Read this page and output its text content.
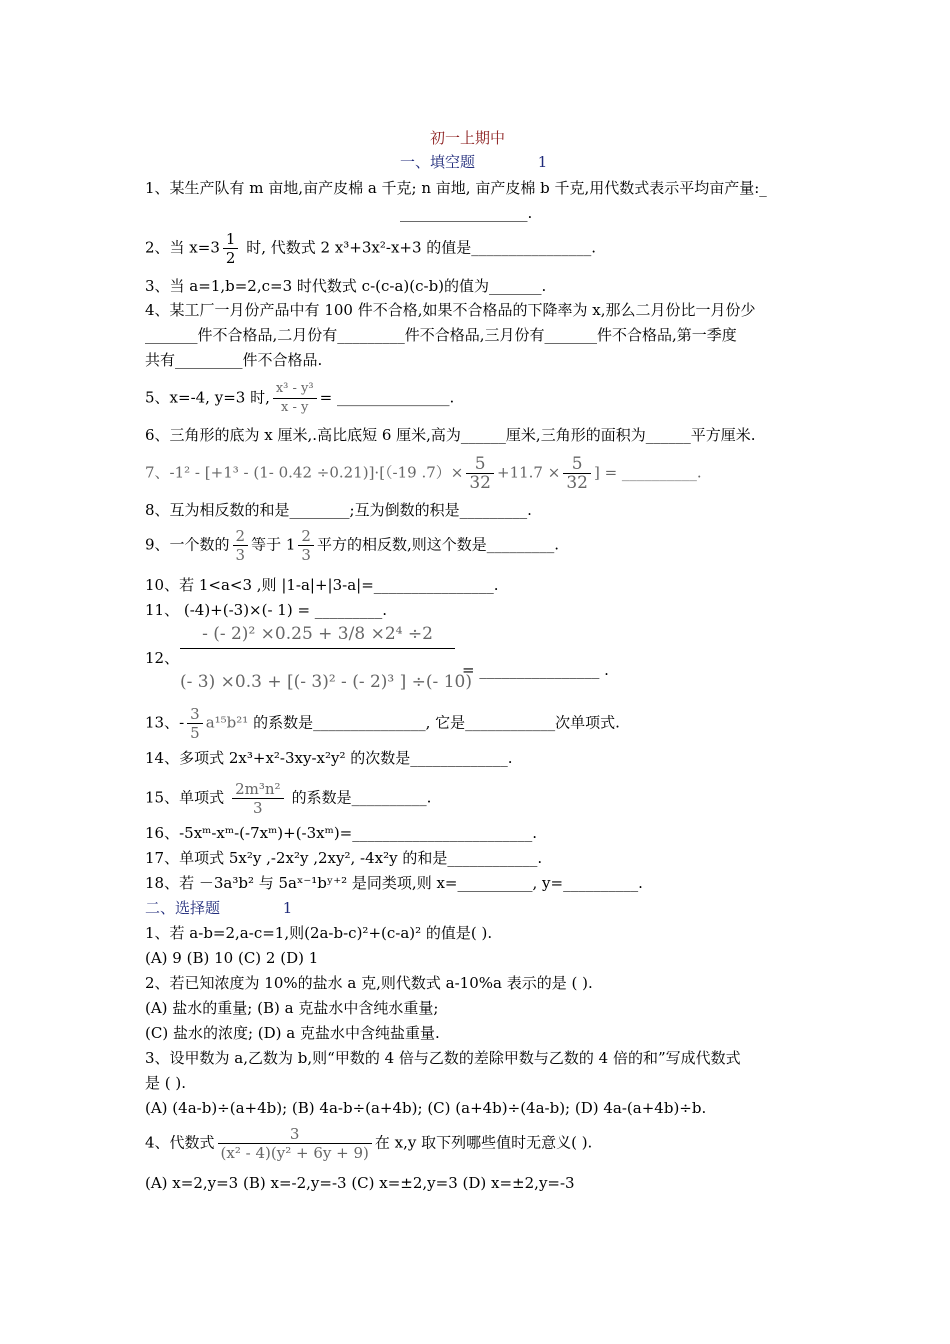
初一上期中
一、填空题	1
1、某生产队有 m 亩地,亩产皮棉 a 千克; n 亩地, 亩产皮棉 b 千克,用代数式表示平均亩产量:_
_________________.
2、当 $x=3 \frac{1}{2}$ 时, 代数式 2 x³+3x²-x+3 的值是________________.
3、当 a=1,b=2,c=3 时代数式 c-(c-a)(c-b)的值为_______.
4、某工厂一月份产品中有 100 件不合格,如果不合格品的下降率为 x,那么二月份比一月份少
_______件不合格品,二月份有_________件不合格品,三月份有_______件不合格品,第一季度
共有_________件不合格品.
5、x=-4, y=3 时, $\frac{\text{x³ - y³}}{x - y}$ = _______________.
6、三角形的底为 x 厘米,.高比底短 6 厘米,高为______厘米,三角形的面积为______平方厘米.
7、-1² - [+1³ - (1- 0.42 ÷0.21)]·[（-19 $.7)\times \frac{5}{32} +11.7 \times \frac{5}{32}$ ] = __________.
8、互为相反数的和是________;互为倒数的积是_________.
9、一个数的 $\frac{2}{3}$ 等于 $1 \frac{2}{3}$ 平方的相反数,则这个数是_________.
10、若 1<a<3 ,则 |1-a|+|3-a|=________________.
11、 (-4)+(-3)×(- 1) = _________.
12、
- (- 2)² ×0.25 + 3/8 ×2⁴ ÷2
(- 3) ×0.3 + [(- 3)² - (- 2)³ ] ÷(- 10)
= ________________ .
13、- $\frac{3}{5} a^{15}b^{21}$ 的系数是_______________, 它是____________次单项式.
14、多项式 2x³+x²-3xy-x²y² 的次数是_____________.
15、单项式 $\frac{\text{2m³n²}}{3}$ 的系数是__________.
16、-5xᵐ-xᵐ-(-7xᵐ)+(-3xᵐ)=________________________.
17、单项式 5x²y ,-2x²y ,2xy², -4x²y 的和是____________.
18、若 －3a³b² 与 5aˣ⁻¹bʸ⁺² 是同类项,则 x=__________, y=__________.
二、选择题	1
1、若 a-b=2,a-c=1,则(2a-b-c)²+(c-a)² 的值是( ).
(A) 9 (B) 10 (C) 2 (D) 1
2、若已知浓度为 10%的盐水 a 克,则代数式 a-10%a 表示的是 ( ).
(A) 盐水的重量; (B) a 克盐水中含纯水重量;
(C) 盐水的浓度; (D) a 克盐水中含纯盐重量.
3、设甲数为 a,乙数为 b,则“甲数的 4 倍与乙数的差除甲数与乙数的 4 倍的和”写成代数式
是 ( ).
(A) (4a-b)÷(a+4b); (B) 4a-b÷(a+4b); (C) (a+4b)÷(4a-b); (D) 4a-(a+4b)÷b.
4、代数式 $\frac{3}{\text{(x² - 4)(y² + 6y + 9)}}$ 在 x,y 取下列哪些值时无意义( ).
(A) x=2,y=3 (B) x=-2,y=-3 (C) x=±2,y=3 (D) x=±2,y=-3
